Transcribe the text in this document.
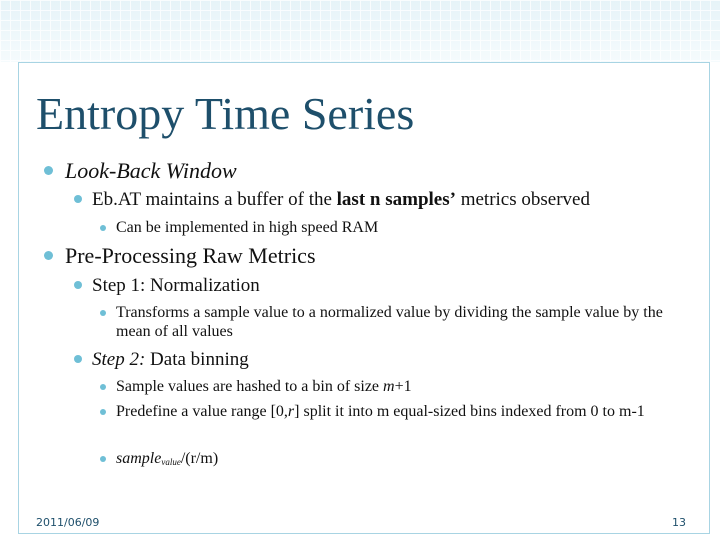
Entropy Time Series
Look-Back Window
Eb.AT maintains a buffer of the last n samples’ metrics observed
Can be implemented in high speed RAM
Pre-Processing Raw Metrics
Step 1: Normalization
Transforms a sample value to a normalized value by dividing the sample value by the mean of all values
Step 2: Data binning
Sample values are hashed to a bin of size m+1
Predefine a value range [0,r] split it into m equal-sized bins indexed from 0 to m-1
sample$_{value}$/(r/m)
2011/06/09	13
